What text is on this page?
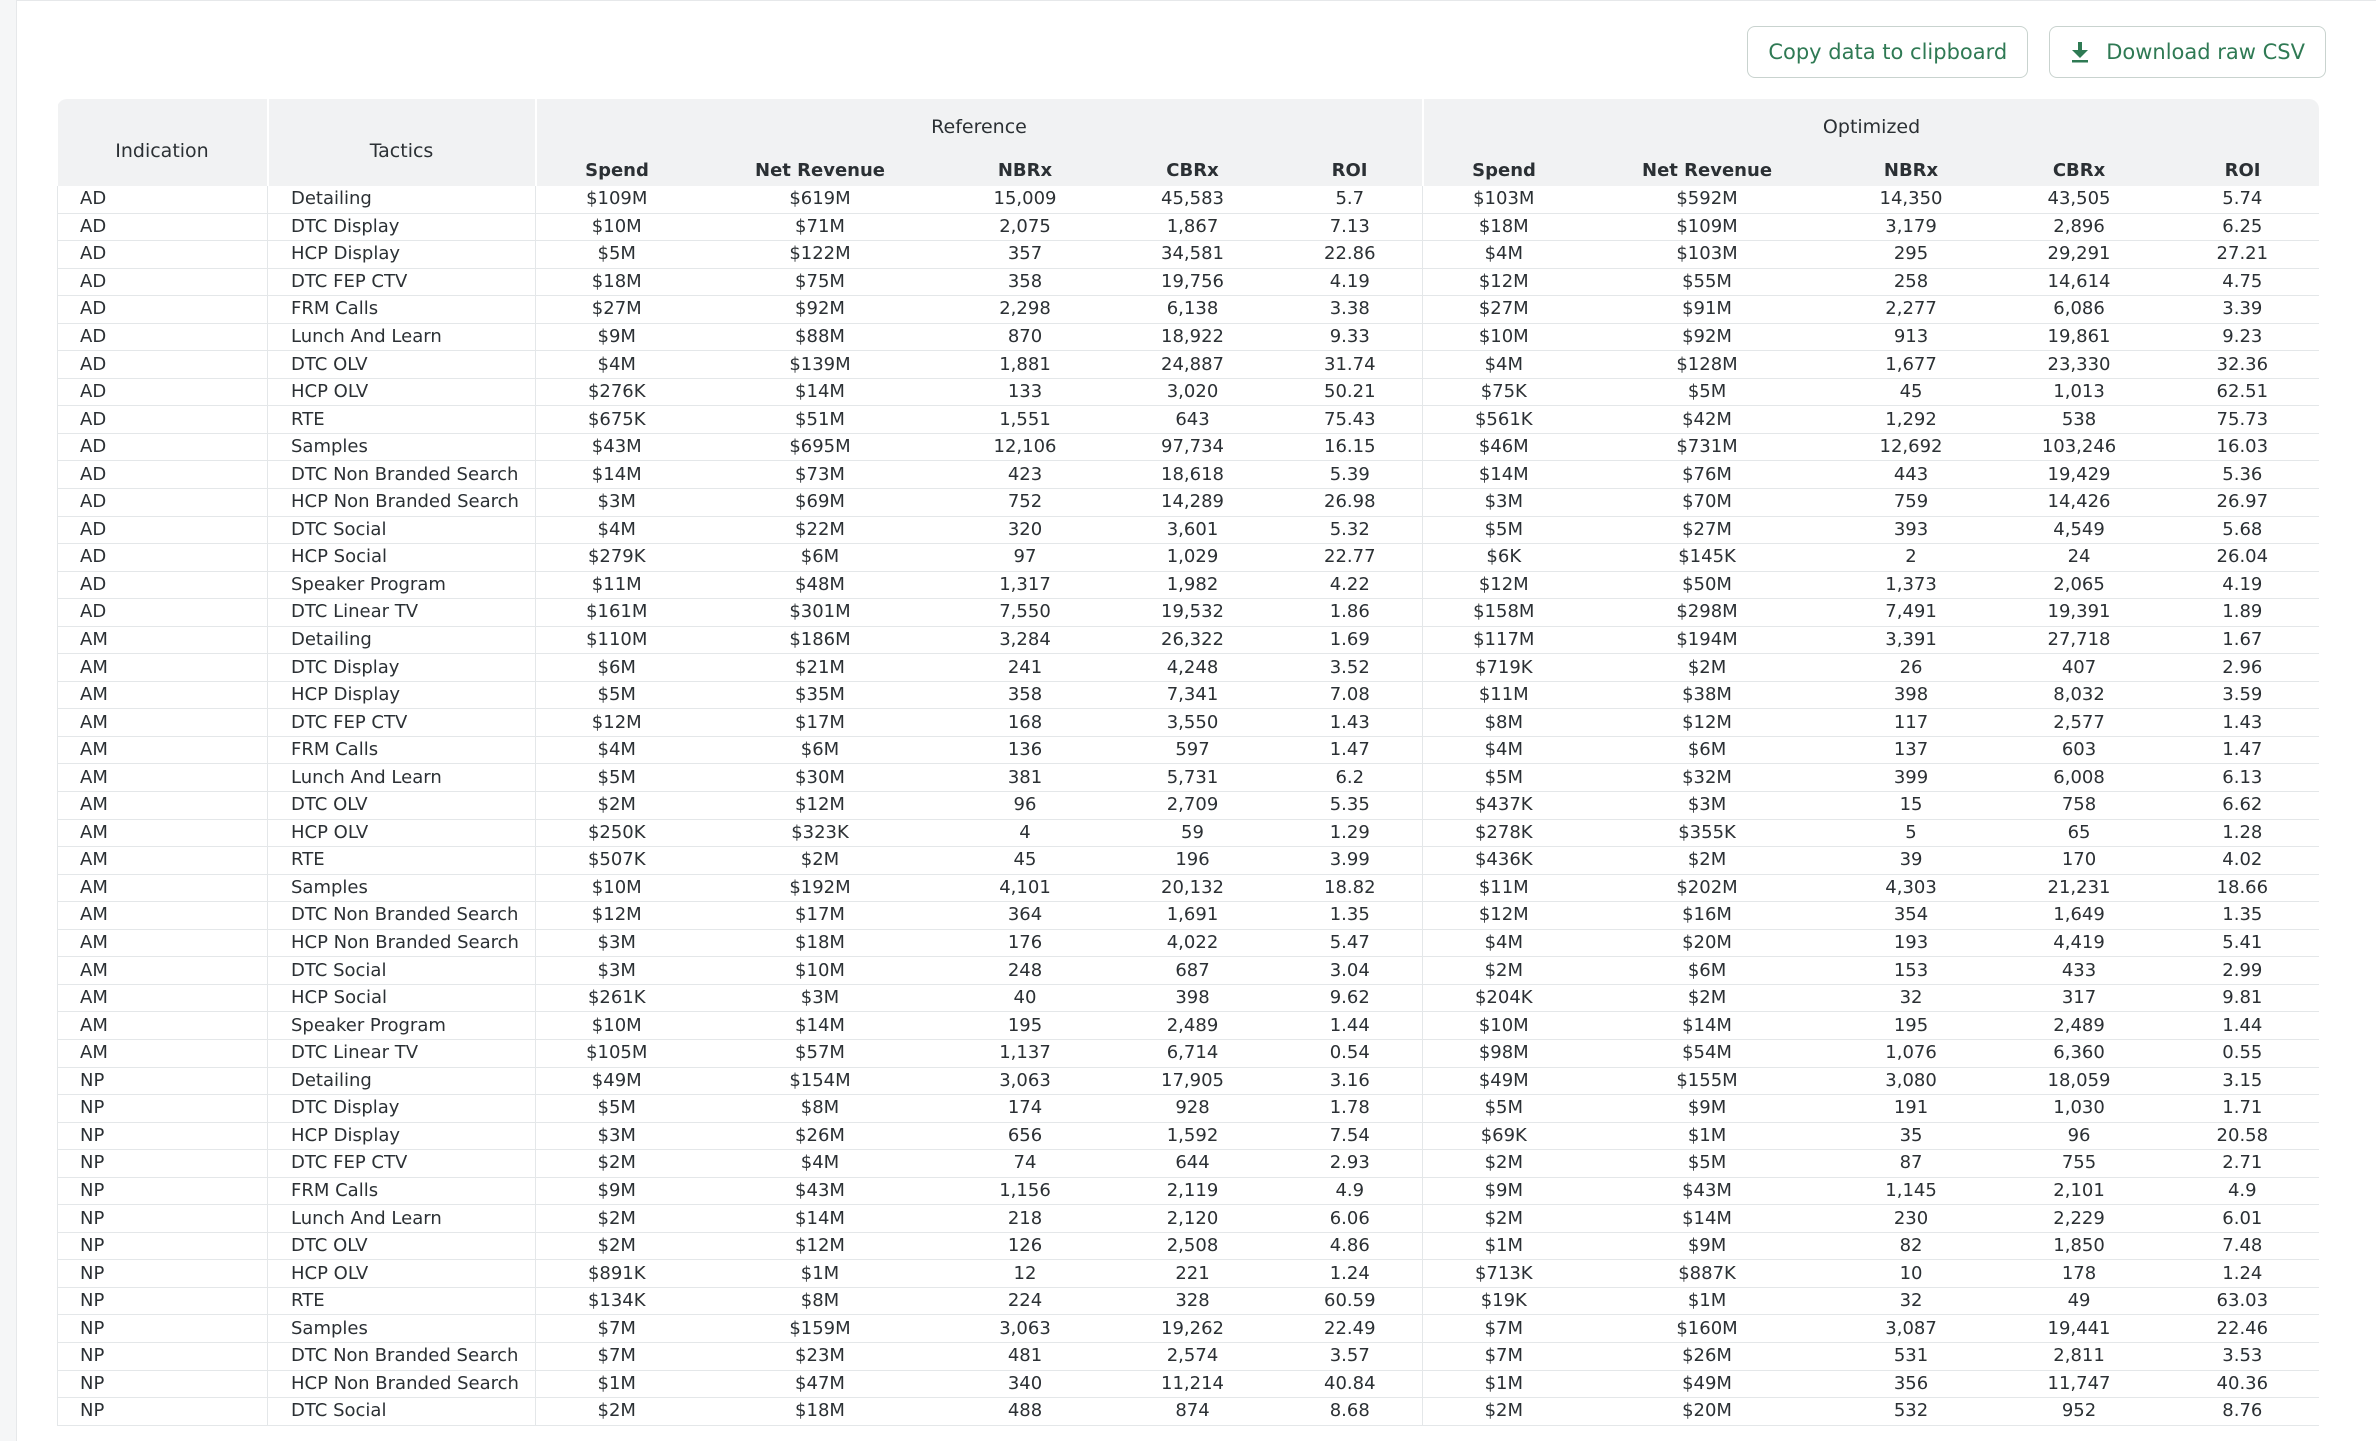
Copy data to clipboard	Download raw CSV
Indication	Tactics	Reference					Optimized				
		Spend	Net Revenue	NBRx	CBRx	ROI	Spend	Net Revenue	NBRx	CBRx	ROI
AD	Detailing	$109M	$619M	15,009	45,583	5.7	$103M	$592M	14,350	43,505	5.74
AD	DTC Display	$10M	$71M	2,075	1,867	7.13	$18M	$109M	3,179	2,896	6.25
AD	HCP Display	$5M	$122M	357	34,581	22.86	$4M	$103M	295	29,291	27.21
AD	DTC FEP CTV	$18M	$75M	358	19,756	4.19	$12M	$55M	258	14,614	4.75
AD	FRM Calls	$27M	$92M	2,298	6,138	3.38	$27M	$91M	2,277	6,086	3.39
AD	Lunch And Learn	$9M	$88M	870	18,922	9.33	$10M	$92M	913	19,861	9.23
AD	DTC OLV	$4M	$139M	1,881	24,887	31.74	$4M	$128M	1,677	23,330	32.36
AD	HCP OLV	$276K	$14M	133	3,020	50.21	$75K	$5M	45	1,013	62.51
AD	RTE	$675K	$51M	1,551	643	75.43	$561K	$42M	1,292	538	75.73
AD	Samples	$43M	$695M	12,106	97,734	16.15	$46M	$731M	12,692	103,246	16.03
AD	DTC Non Branded Search	$14M	$73M	423	18,618	5.39	$14M	$76M	443	19,429	5.36
AD	HCP Non Branded Search	$3M	$69M	752	14,289	26.98	$3M	$70M	759	14,426	26.97
AD	DTC Social	$4M	$22M	320	3,601	5.32	$5M	$27M	393	4,549	5.68
AD	HCP Social	$279K	$6M	97	1,029	22.77	$6K	$145K	2	24	26.04
AD	Speaker Program	$11M	$48M	1,317	1,982	4.22	$12M	$50M	1,373	2,065	4.19
AD	DTC Linear TV	$161M	$301M	7,550	19,532	1.86	$158M	$298M	7,491	19,391	1.89
AM	Detailing	$110M	$186M	3,284	26,322	1.69	$117M	$194M	3,391	27,718	1.67
AM	DTC Display	$6M	$21M	241	4,248	3.52	$719K	$2M	26	407	2.96
AM	HCP Display	$5M	$35M	358	7,341	7.08	$11M	$38M	398	8,032	3.59
AM	DTC FEP CTV	$12M	$17M	168	3,550	1.43	$8M	$12M	117	2,577	1.43
AM	FRM Calls	$4M	$6M	136	597	1.47	$4M	$6M	137	603	1.47
AM	Lunch And Learn	$5M	$30M	381	5,731	6.2	$5M	$32M	399	6,008	6.13
AM	DTC OLV	$2M	$12M	96	2,709	5.35	$437K	$3M	15	758	6.62
AM	HCP OLV	$250K	$323K	4	59	1.29	$278K	$355K	5	65	1.28
AM	RTE	$507K	$2M	45	196	3.99	$436K	$2M	39	170	4.02
AM	Samples	$10M	$192M	4,101	20,132	18.82	$11M	$202M	4,303	21,231	18.66
AM	DTC Non Branded Search	$12M	$17M	364	1,691	1.35	$12M	$16M	354	1,649	1.35
AM	HCP Non Branded Search	$3M	$18M	176	4,022	5.47	$4M	$20M	193	4,419	5.41
AM	DTC Social	$3M	$10M	248	687	3.04	$2M	$6M	153	433	2.99
AM	HCP Social	$261K	$3M	40	398	9.62	$204K	$2M	32	317	9.81
AM	Speaker Program	$10M	$14M	195	2,489	1.44	$10M	$14M	195	2,489	1.44
AM	DTC Linear TV	$105M	$57M	1,137	6,714	0.54	$98M	$54M	1,076	6,360	0.55
NP	Detailing	$49M	$154M	3,063	17,905	3.16	$49M	$155M	3,080	18,059	3.15
NP	DTC Display	$5M	$8M	174	928	1.78	$5M	$9M	191	1,030	1.71
NP	HCP Display	$3M	$26M	656	1,592	7.54	$69K	$1M	35	96	20.58
NP	DTC FEP CTV	$2M	$4M	74	644	2.93	$2M	$5M	87	755	2.71
NP	FRM Calls	$9M	$43M	1,156	2,119	4.9	$9M	$43M	1,145	2,101	4.9
NP	Lunch And Learn	$2M	$14M	218	2,120	6.06	$2M	$14M	230	2,229	6.01
NP	DTC OLV	$2M	$12M	126	2,508	4.86	$1M	$9M	82	1,850	7.48
NP	HCP OLV	$891K	$1M	12	221	1.24	$713K	$887K	10	178	1.24
NP	RTE	$134K	$8M	224	328	60.59	$19K	$1M	32	49	63.03
NP	Samples	$7M	$159M	3,063	19,262	22.49	$7M	$160M	3,087	19,441	22.46
NP	DTC Non Branded Search	$7M	$23M	481	2,574	3.57	$7M	$26M	531	2,811	3.53
NP	HCP Non Branded Search	$1M	$47M	340	11,214	40.84	$1M	$49M	356	11,747	40.36
NP	DTC Social	$2M	$18M	488	874	8.68	$2M	$20M	532	952	8.76
